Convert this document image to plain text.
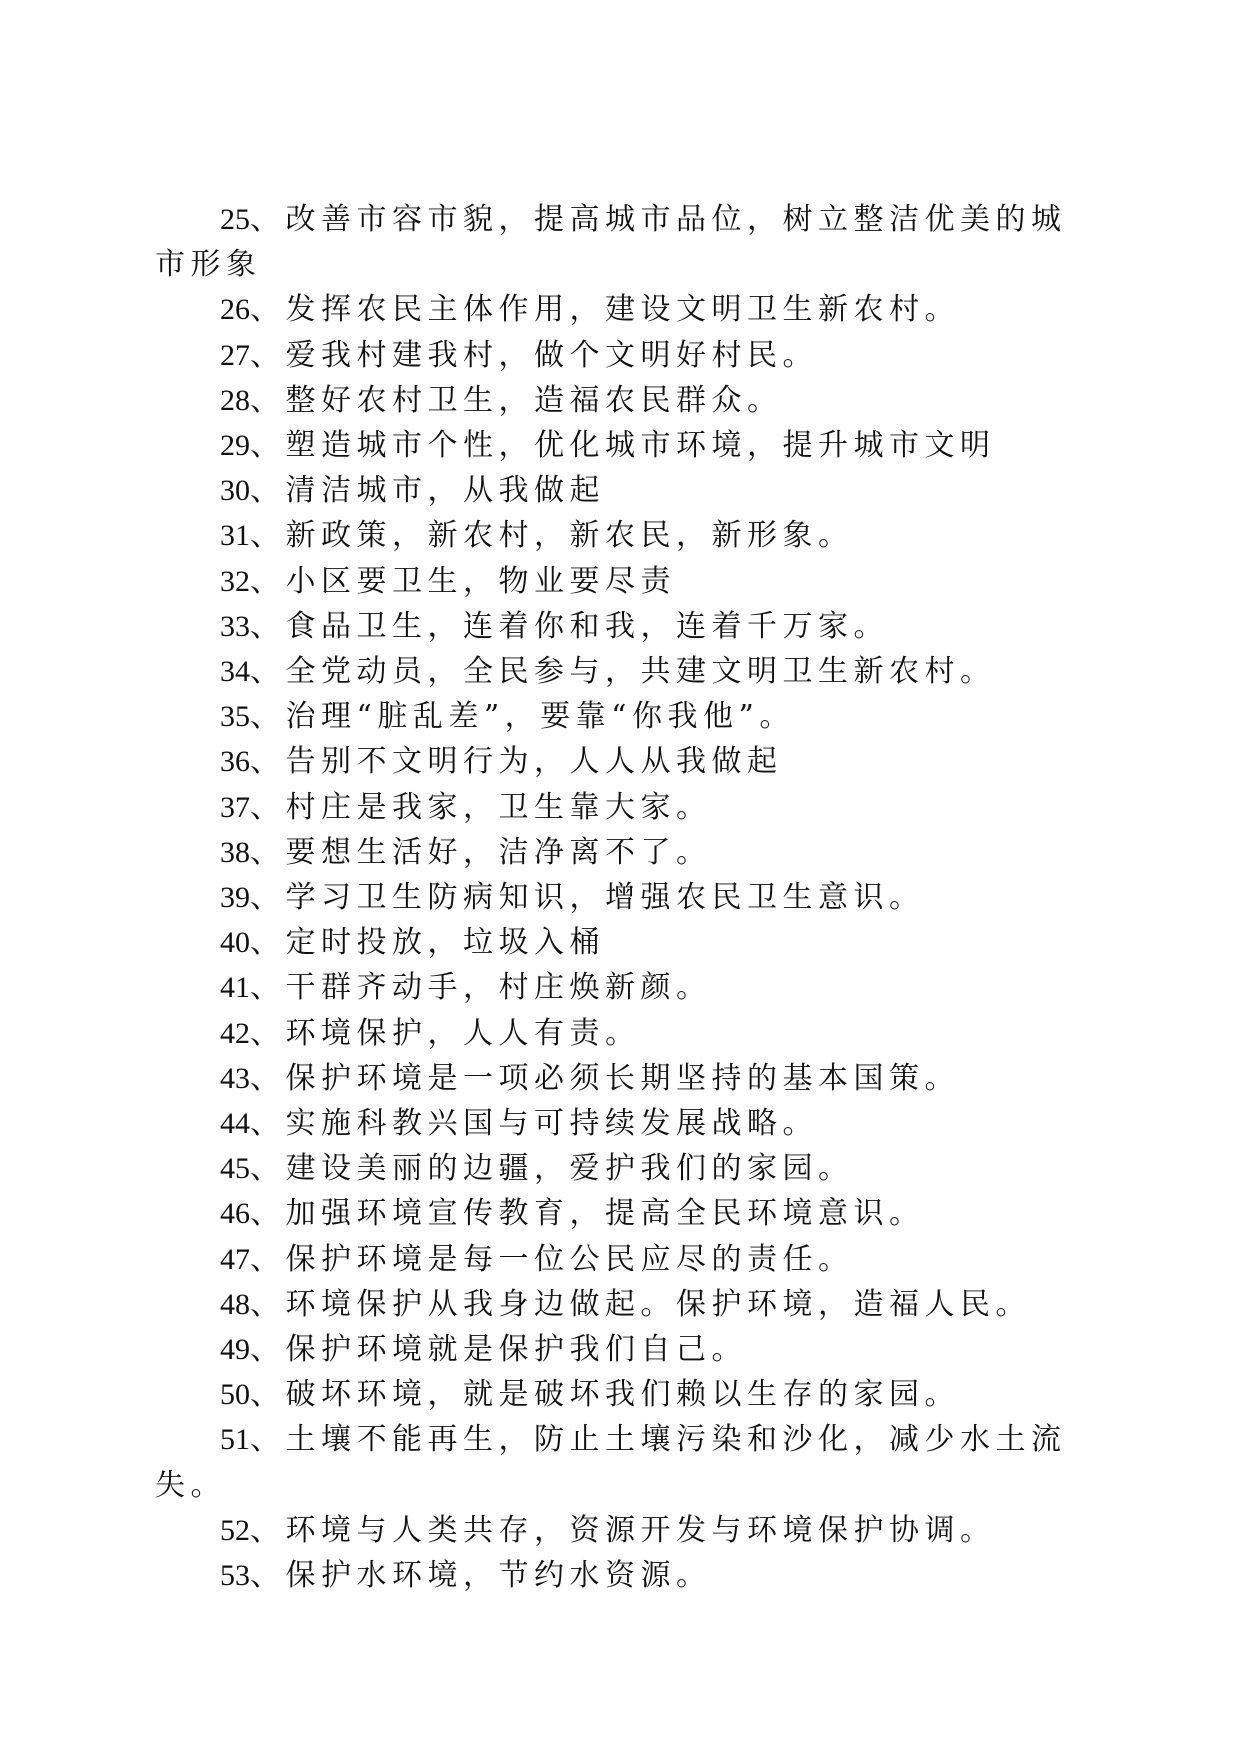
25、改善市容市貌，提高城市品位，树立整洁优美的城市形象

26、发挥农民主体作用，建设文明卫生新农村。

27、爱我村建我村，做个文明好村民。

28、整好农村卫生，造福农民群众。

29、塑造城市个性，优化城市环境，提升城市文明

30、清洁城市，从我做起

31、新政策，新农村，新农民，新形象。

32、小区要卫生，物业要尽责

33、食品卫生，连着你和我，连着千万家。

34、全党动员，全民参与，共建文明卫生新农村。

35、治理“脏乱差”，要靠“你我他”。

36、告别不文明行为，人人从我做起

37、村庄是我家，卫生靠大家。

38、要想生活好，洁净离不了。

39、学习卫生防病知识，增强农民卫生意识。

40、定时投放，垃圾入桶

41、干群齐动手，村庄焕新颜。

42、环境保护，人人有责。

43、保护环境是一项必须长期坚持的基本国策。

44、实施科教兴国与可持续发展战略。

45、建设美丽的边疆，爱护我们的家园。

46、加强环境宣传教育，提高全民环境意识。

47、保护环境是每一位公民应尽的责任。

48、环境保护从我身边做起。保护环境，造福人民。

49、保护环境就是保护我们自己。

50、破坏环境，就是破坏我们赖以生存的家园。

51、土壤不能再生，防止土壤污染和沙化，减少水土流失。

52、环境与人类共存，资源开发与环境保护协调。

53、保护水环境，节约水资源。
